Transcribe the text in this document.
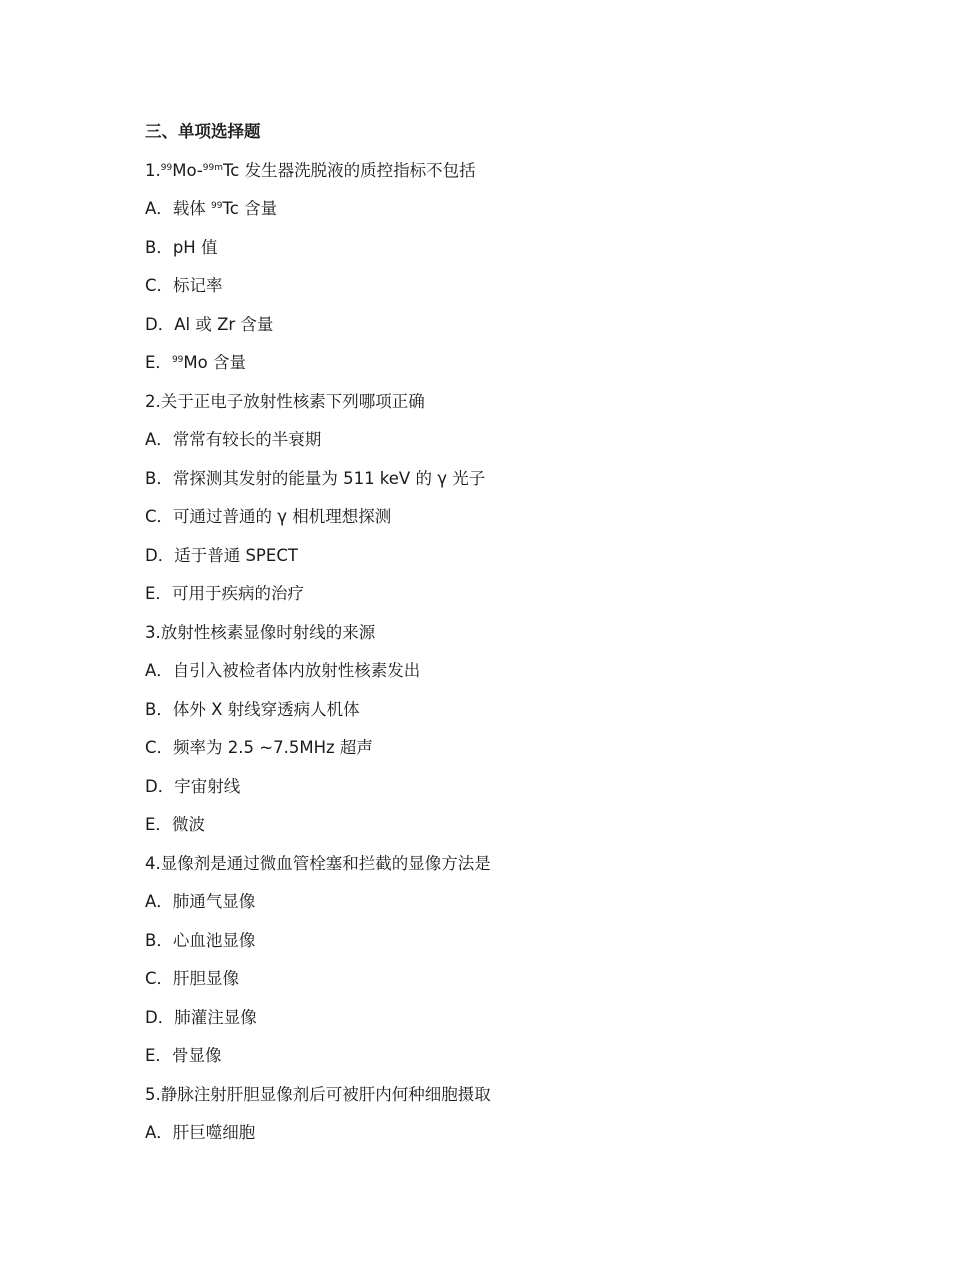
三、单项选择题
1.99Mo-$^{99m}$Tc 发生器洗脱液的质控指标不包括
A．载体 $^{99}$Tc 含量
B．pH 值
C．标记率
D．Al 或 Zr 含量
E．$^{99}$Mo 含量
2.关于正电子放射性核素下列哪项正确
A．常常有较长的半衰期
B．常探测其发射的能量为 511 keV 的 γ 光子
C．可通过普通的 γ 相机理想探测
D．适于普通 SPECT
E．可用于疾病的治疗
3.放射性核素显像时射线的来源
A．自引入被检者体内放射性核素发出
B．体外 X 射线穿透病人机体
C．频率为 2.5 ~7.5MHz 超声
D．宇宙射线
E．微波
4.显像剂是通过微血管栓塞和拦截的显像方法是
A．肺通气显像
B．心血池显像
C．肝胆显像
D．肺灌注显像
E．骨显像
5.静脉注射肝胆显像剂后可被肝内何种细胞摄取
A．肝巨噬细胞
